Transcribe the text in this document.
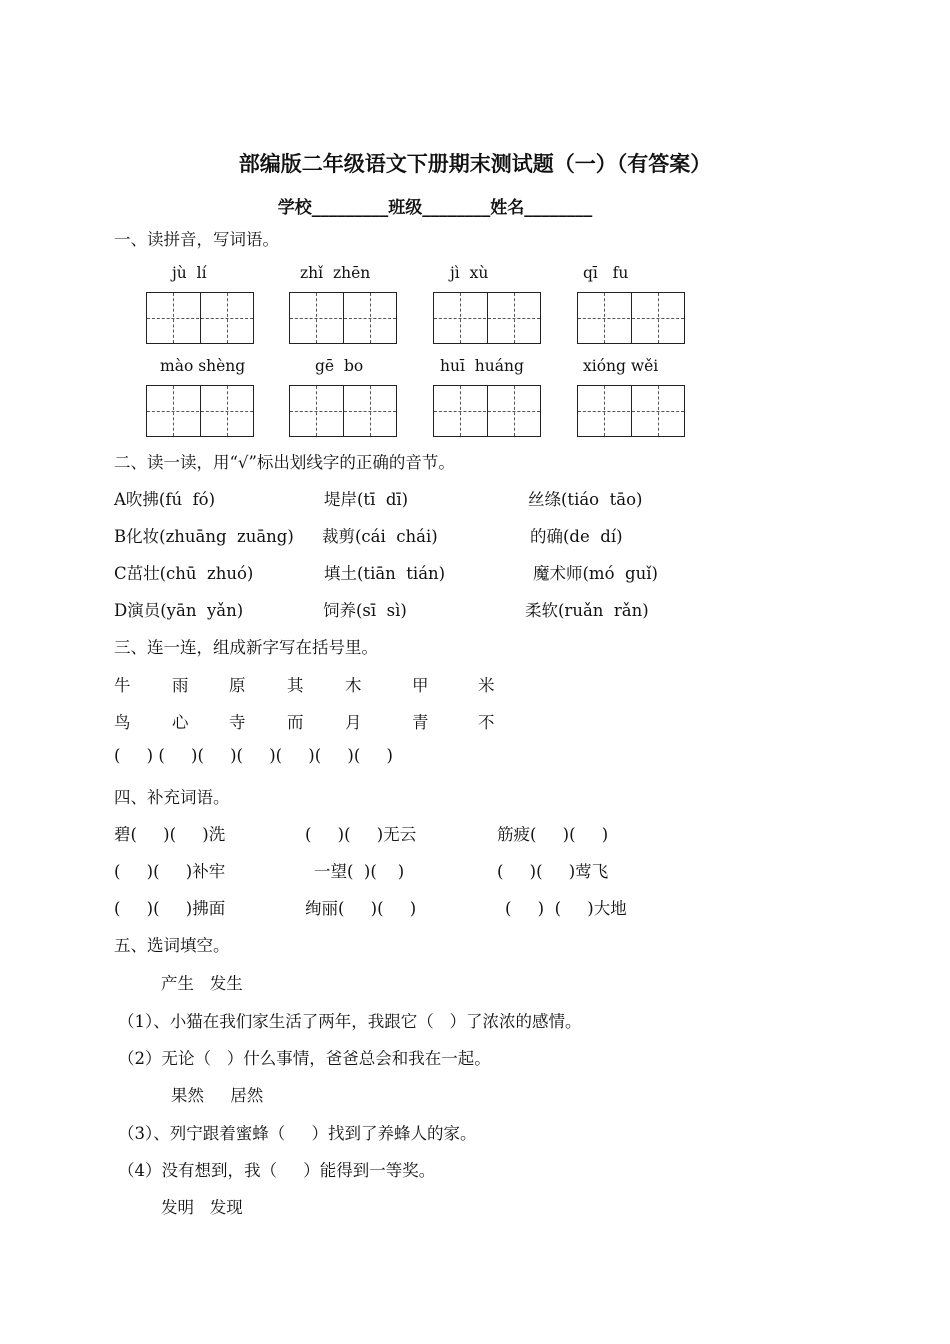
部编版二年级语文下册期末测试题（一）（有答案）
学校_________班级________姓名________
一、读拼音，写词语。
jù  lí	zhǐ  zhēn	jì  xù	qī   fu
mào shèng	gē  bo	huī  huáng	xióng wěi
二、读一读，用“√”标出划线字的正确的音节。
A吹拂(fú  fó)	堤岸(tī  dī)	丝绦(tiáo  tāo)
B化妆(zhuāng  zuāng) 裁剪(cái  chái)	的确(de  dí)
C茁壮(chū  zhuó)	填土(tiān  tián)	魔术师(mó  guǐ)
D演员(yān  yǎn)	饲养(sī  sì)	柔软(ruǎn  rǎn)
三、连一连，组成新字写在括号里。
牛	雨 原	其	木	甲	米
鸟	心 寺	而	月	青	不
(     ) (     )(     )(     )(     )(     )(     )
四、补充词语。
碧(     )(     )洗	(     )(     )无云	筋疲(     )(     )
(     )(     )补牢	一望(  )(    )	(     )(     )莺飞
(     )(     )拂面	绚丽(     )(     )	(     )  (     )大地
五、选词填空。
产生   发生
（1）、小猫在我们家生活了两年，我跟它（   ）了浓浓的感情。
（2）无论（   ）什么事情，爸爸总会和我在一起。
果然     居然
（3）、列宁跟着蜜蜂（     ）找到了养蜂人的家。
（4）没有想到，我（     ）能得到一等奖。
发明   发现
